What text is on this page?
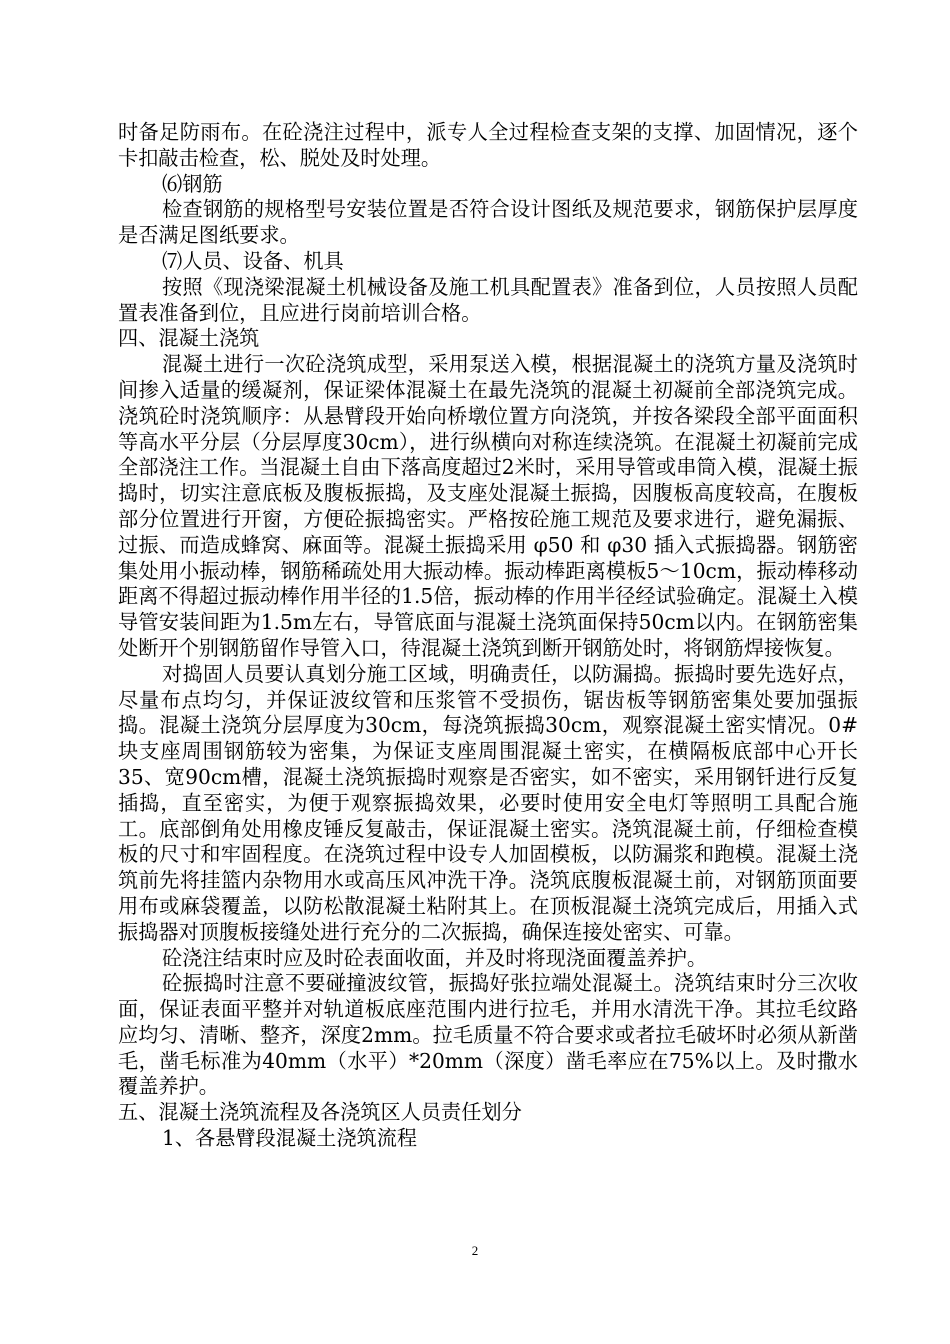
时备足防雨布。在砼浇注过程中，派专人全过程检查支架的支撑、加固情况，逐个卡扣敲击检查，松、脱处及时处理。

⑹钢筋

检查钢筋的规格型号安装位置是否符合设计图纸及规范要求，钢筋保护层厚度是否满足图纸要求。

⑺人员、设备、机具

按照《现浇梁混凝土机械设备及施工机具配置表》准备到位，人员按照人员配置表准备到位，且应进行岗前培训合格。

四、混凝土浇筑

混凝土进行一次砼浇筑成型，采用泵送入模，根据混凝土的浇筑方量及浇筑时间掺入适量的缓凝剂，保证梁体混凝土在最先浇筑的混凝土初凝前全部浇筑完成。浇筑砼时浇筑顺序：从悬臂段开始向桥墩位置方向浇筑，并按各梁段全部平面面积等高水平分层（分层厚度30cm），进行纵横向对称连续浇筑。在混凝土初凝前完成全部浇注工作。当混凝土自由下落高度超过2米时，采用导管或串筒入模，混凝土振捣时，切实注意底板及腹板振捣，及支座处混凝土振捣，因腹板高度较高，在腹板部分位置进行开窗，方便砼振捣密实。严格按砼施工规范及要求进行，避免漏振、过振、而造成蜂窝、麻面等。混凝土振捣采用 φ50 和 φ30 插入式振捣器。钢筋密集处用小振动棒，钢筋稀疏处用大振动棒。振动棒距离模板5～10cm，振动棒移动距离不得超过振动棒作用半径的1.5倍，振动棒的作用半径经试验确定。混凝土入模导管安装间距为1.5m左右，导管底面与混凝土浇筑面保持50cm以内。在钢筋密集处断开个别钢筋留作导管入口，待混凝土浇筑到断开钢筋处时，将钢筋焊接恢复。

对捣固人员要认真划分施工区域，明确责任，以防漏捣。振捣时要先选好点，尽量布点均匀，并保证波纹管和压浆管不受损伤，锯齿板等钢筋密集处要加强振捣。混凝土浇筑分层厚度为30cm，每浇筑振捣30cm，观察混凝土密实情况。0#块支座周围钢筋较为密集，为保证支座周围混凝土密实，在横隔板底部中心开长35、宽90cm槽，混凝土浇筑振捣时观察是否密实，如不密实，采用钢钎进行反复插捣，直至密实，为便于观察振捣效果，必要时使用安全电灯等照明工具配合施工。底部倒角处用橡皮锤反复敲击，保证混凝土密实。浇筑混凝土前，仔细检查模板的尺寸和牢固程度。在浇筑过程中设专人加固模板，以防漏浆和跑模。混凝土浇筑前先将挂篮内杂物用水或高压风冲洗干净。浇筑底腹板混凝土前，对钢筋顶面要用布或麻袋覆盖，以防松散混凝土粘附其上。在顶板混凝土浇筑完成后，用插入式振捣器对顶腹板接缝处进行充分的二次振捣，确保连接处密实、可靠。

砼浇注结束时应及时砼表面收面，并及时将现浇面覆盖养护。

砼振捣时注意不要碰撞波纹管，振捣好张拉端处混凝土。浇筑结束时分三次收面，保证表面平整并对轨道板底座范围内进行拉毛，并用水清洗干净。其拉毛纹路应均匀、清晰、整齐，深度2mm。拉毛质量不符合要求或者拉毛破坏时必须从新凿毛，凿毛标准为40mm（水平）*20mm（深度）凿毛率应在75%以上。及时撒水覆盖养护。

五、混凝土浇筑流程及各浇筑区人员责任划分

1、各悬臂段混凝土浇筑流程

2
